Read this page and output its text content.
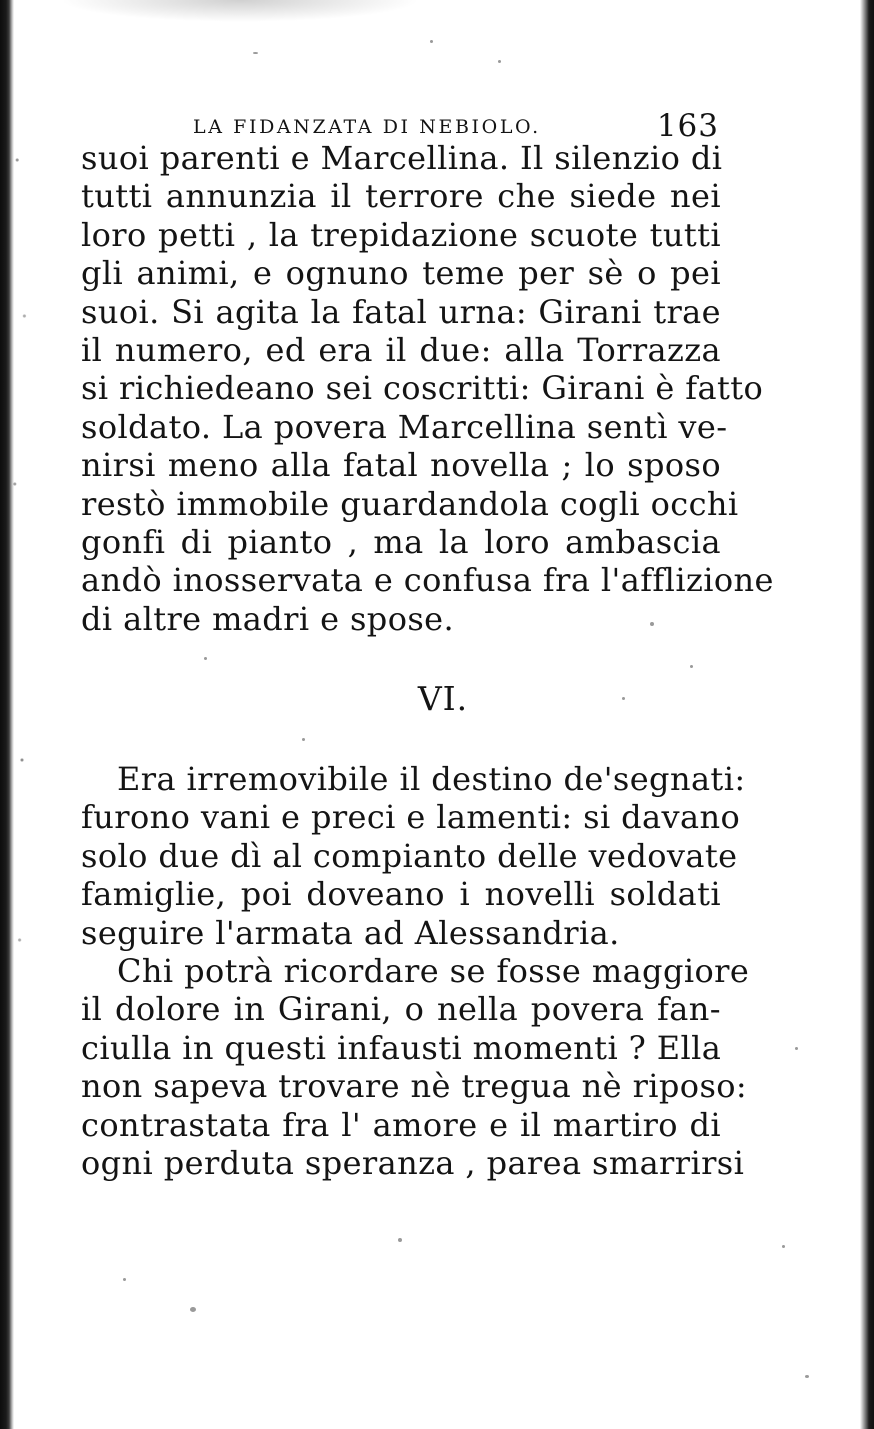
LA FIDANZATA DI NEBIOLO.	163
suoi parenti e Marcellina. Il silenzio di
tutti annunzia il terrore che siede nei
loro petti , la trepidazione scuote tutti
gli animi, e ognuno teme per sè o pei
suoi. Si agita la fatal urna: Girani trae
il numero, ed era il due: alla Torrazza
si richiedeano sei coscritti: Girani è fatto
soldato. La povera Marcellina sentì ve-
nirsi meno alla fatal novella ; lo sposo
restò immobile guardandola cogli occhi
gonfi di pianto , ma la loro ambascia
andò inosservata e confusa fra l'afflizione
di altre madri e spose.
VI.
Era irremovibile il destino de'segnati:
furono vani e preci e lamenti: si davano
solo due dì al compianto delle vedovate
famiglie, poi doveano i novelli soldati
seguire l'armata ad Alessandria.
Chi potrà ricordare se fosse maggiore
il dolore in Girani, o nella povera fan-
ciulla in questi infausti momenti ? Ella
non sapeva trovare nè tregua nè riposo:
contrastata fra l' amore e il martiro di
ogni perduta speranza , parea smarrirsi
